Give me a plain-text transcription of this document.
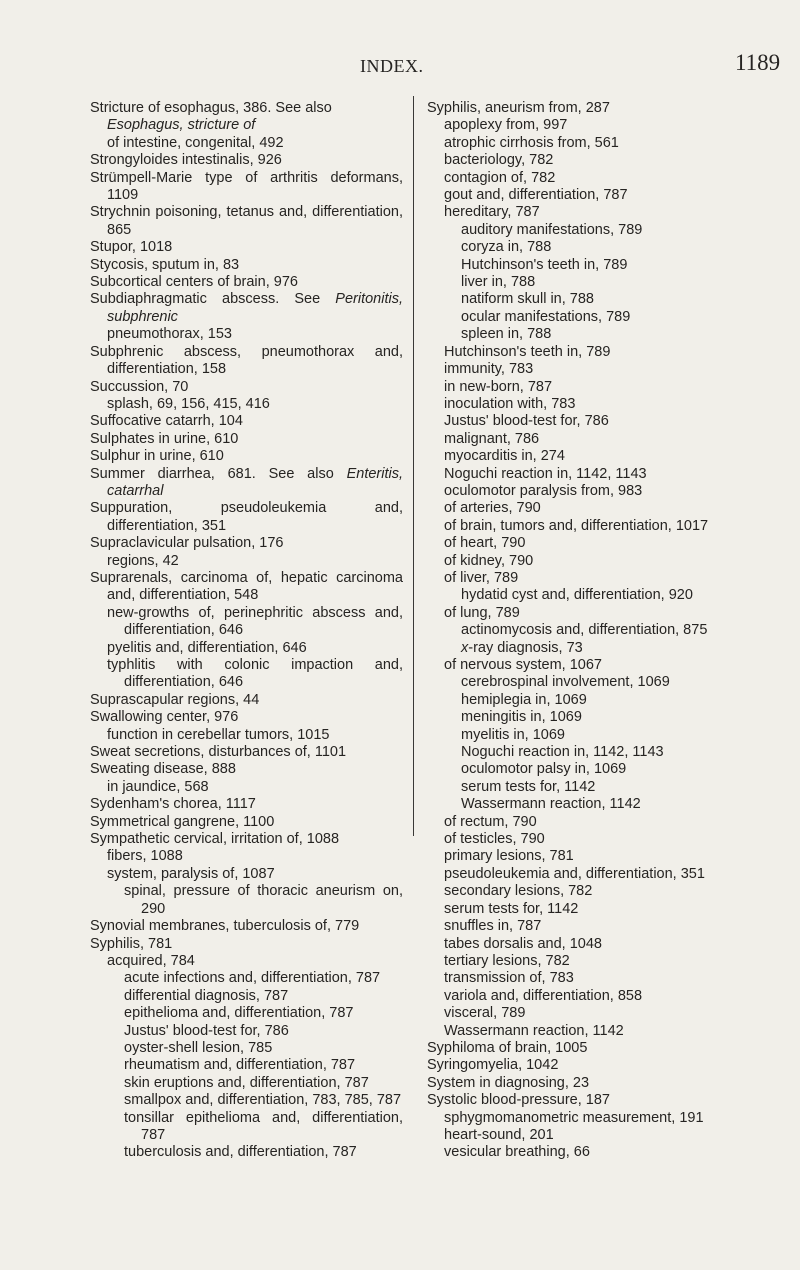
INDEX.	1189
Stricture of esophagus, 386. See also
Esophagus, stricture of
of intestine, congenital, 492
Strongyloides intestinalis, 926
Strümpell-Marie type of arthritis deformans, 1109
Strychnin poisoning, tetanus and, differentiation, 865
Stupor, 1018
Stycosis, sputum in, 83
Subcortical centers of brain, 976
Subdiaphragmatic abscess. See Peritonitis, subphrenic
pneumothorax, 153
Subphrenic abscess, pneumothorax and, differentiation, 158
Succussion, 70
splash, 69, 156, 415, 416
Suffocative catarrh, 104
Sulphates in urine, 610
Sulphur in urine, 610
Summer diarrhea, 681. See also Enteritis, catarrhal
Suppuration, pseudoleukemia and, differentiation, 351
Supraclavicular pulsation, 176
regions, 42
Suprarenals, carcinoma of, hepatic carcinoma and, differentiation, 548
new-growths of, perinephritic abscess and, differentiation, 646
pyelitis and, differentiation, 646
typhlitis with colonic impaction and, differentiation, 646
Suprascapular regions, 44
Swallowing center, 976
function in cerebellar tumors, 1015
Sweat secretions, disturbances of, 1101
Sweating disease, 888
in jaundice, 568
Sydenham's chorea, 1117
Symmetrical gangrene, 1100
Sympathetic cervical, irritation of, 1088
fibers, 1088
system, paralysis of, 1087
spinal, pressure of thoracic aneurism on, 290
Synovial membranes, tuberculosis of, 779
Syphilis, 781
acquired, 784
acute infections and, differentiation, 787
differential diagnosis, 787
epithelioma and, differentiation, 787
Justus' blood-test for, 786
oyster-shell lesion, 785
rheumatism and, differentiation, 787
skin eruptions and, differentiation, 787
smallpox and, differentiation, 783, 785, 787
tonsillar epithelioma and, differentiation, 787
tuberculosis and, differentiation, 787
Syphilis, aneurism from, 287
apoplexy from, 997
atrophic cirrhosis from, 561
bacteriology, 782
contagion of, 782
gout and, differentiation, 787
hereditary, 787
auditory manifestations, 789
coryza in, 788
Hutchinson's teeth in, 789
liver in, 788
natiform skull in, 788
ocular manifestations, 789
spleen in, 788
Hutchinson's teeth in, 789
immunity, 783
in new-born, 787
inoculation with, 783
Justus' blood-test for, 786
malignant, 786
myocarditis in, 274
Noguchi reaction in, 1142, 1143
oculomotor paralysis from, 983
of arteries, 790
of brain, tumors and, differentiation, 1017
of heart, 790
of kidney, 790
of liver, 789
hydatid cyst and, differentiation, 920
of lung, 789
actinomycosis and, differentiation, 875
x-ray diagnosis, 73
of nervous system, 1067
cerebrospinal involvement, 1069
hemiplegia in, 1069
meningitis in, 1069
myelitis in, 1069
Noguchi reaction in, 1142, 1143
oculomotor palsy in, 1069
serum tests for, 1142
Wassermann reaction, 1142
of rectum, 790
of testicles, 790
primary lesions, 781
pseudoleukemia and, differentiation, 351
secondary lesions, 782
serum tests for, 1142
snuffles in, 787
tabes dorsalis and, 1048
tertiary lesions, 782
transmission of, 783
variola and, differentiation, 858
visceral, 789
Wassermann reaction, 1142
Syphiloma of brain, 1005
Syringomyelia, 1042
System in diagnosing, 23
Systolic blood-pressure, 187
sphygmomanometric measurement, 191
heart-sound, 201
vesicular breathing, 66
